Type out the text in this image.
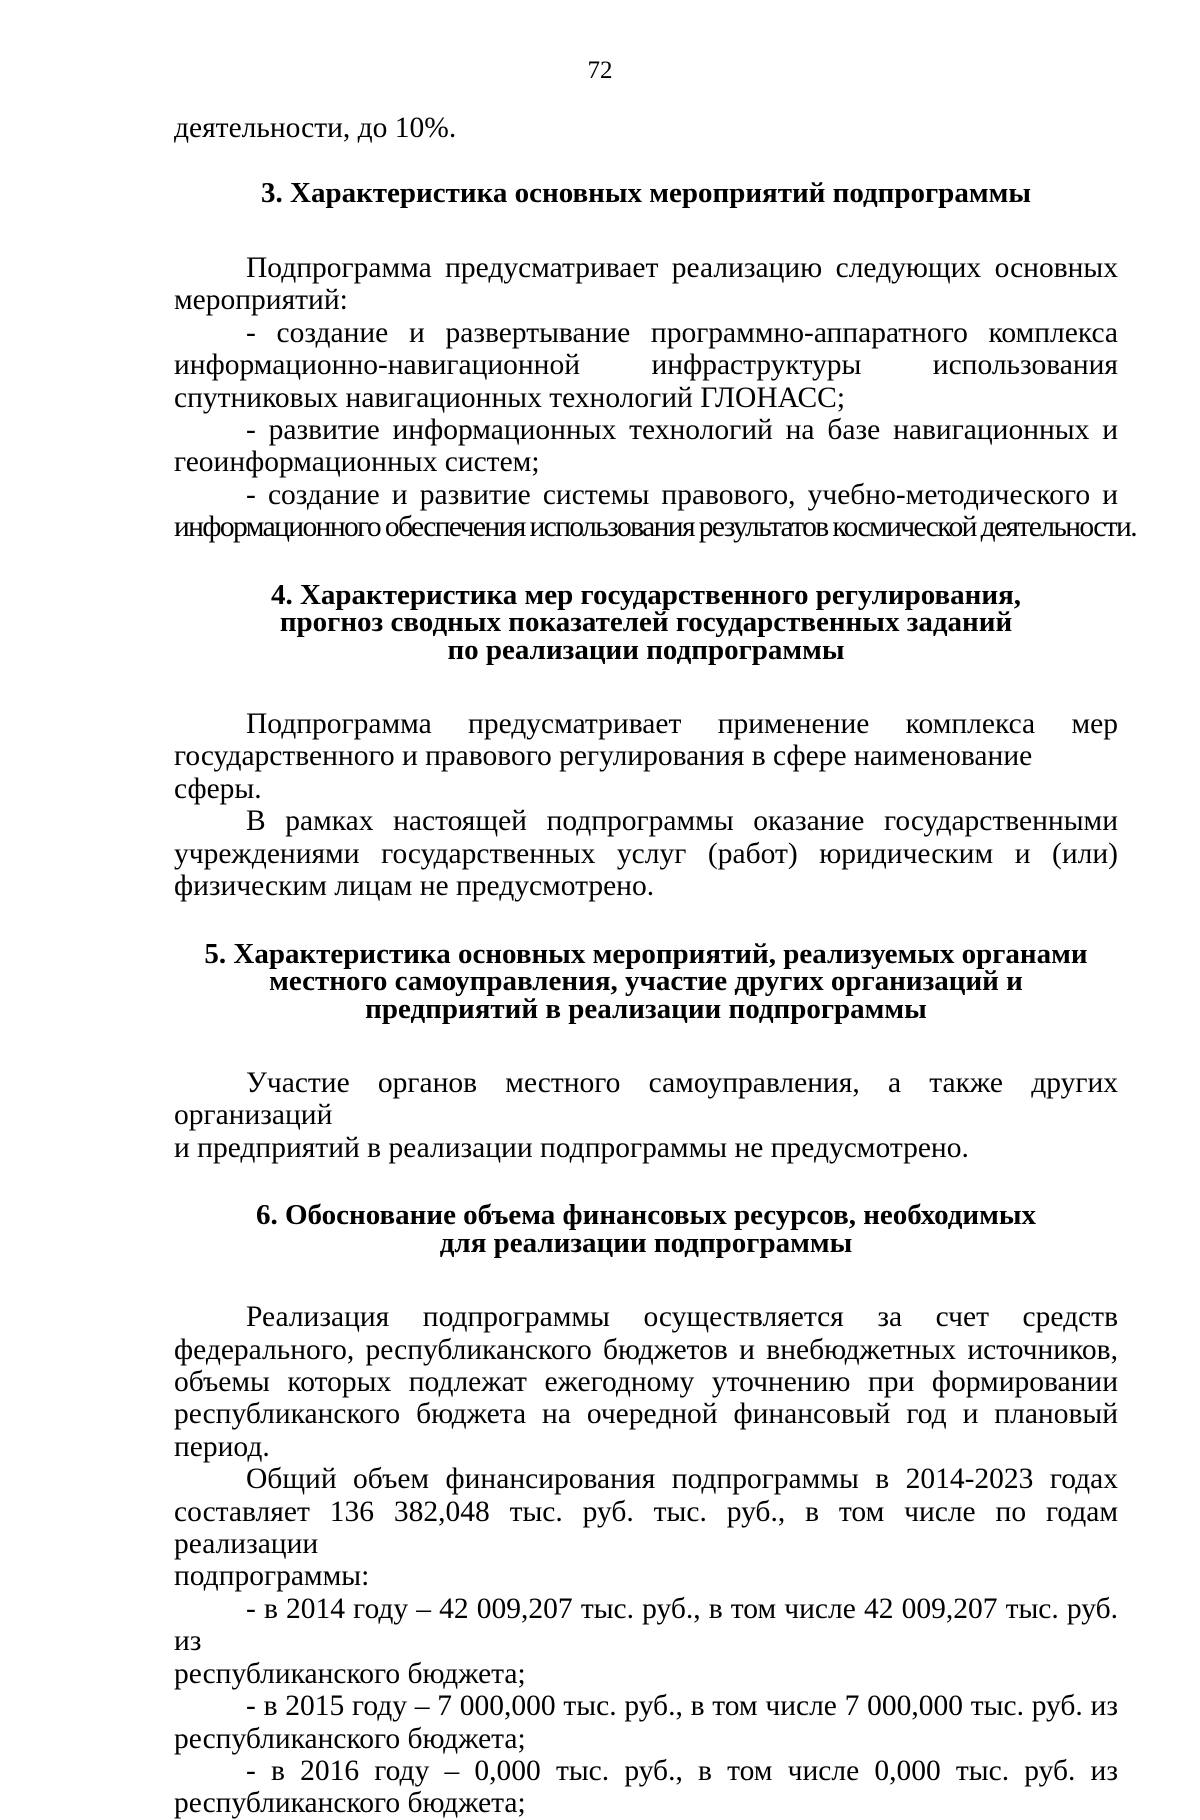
72

деятельности, до 10%.

3. Характеристика основных мероприятий подпрограммы

Подпрограмма предусматривает реализацию следующих основных

мероприятий:

- создание и развертывание программно-аппаратного комплекса

информационно-навигационной инфраструктуры использования

спутниковых навигационных технологий ГЛОНАСС;

- развитие информационных технологий на базе навигационных и

геоинформационных систем;

- создание и развитие системы правового, учебно-методического и

информационного обеспечения использования результатов космической деятельности.

4. Характеристика мер государственного регулирования,
прогноз сводных показателей государственных заданий
по реализации подпрограммы

Подпрограмма предусматривает применение комплекса мер

государственного и правового регулирования в сфере наименование сферы.

В рамках настоящей подпрограммы оказание государственными

учреждениями государственных услуг (работ) юридическим и (или)

физическим лицам не предусмотрено.

5. Характеристика основных мероприятий, реализуемых органами
местного самоуправления, участие других организаций и
предприятий в реализации подпрограммы

Участие органов местного самоуправления, а также других организаций

и предприятий в реализации подпрограммы не предусмотрено.

6. Обоснование объема финансовых ресурсов, необходимых
для реализации подпрограммы

Реализация подпрограммы осуществляется за счет средств

федерального, республиканского бюджетов и внебюджетных источников,

объемы которых подлежат ежегодному уточнению при формировании

республиканского бюджета на очередной финансовый год и плановый период.

Общий объем финансирования подпрограммы в 2014-2023 годах

составляет 136 382,048 тыс. руб. тыс. руб., в том числе по годам реализации

подпрограммы:

- в 2014 году – 42 009,207 тыс. руб., в том числе 42 009,207 тыс. руб. из

республиканского бюджета;

- в 2015 году – 7 000,000 тыс. руб., в том числе 7 000,000 тыс. руб. из

республиканского бюджета;

- в 2016 году – 0,000 тыс. руб., в том числе 0,000 тыс. руб. из

республиканского бюджета;
